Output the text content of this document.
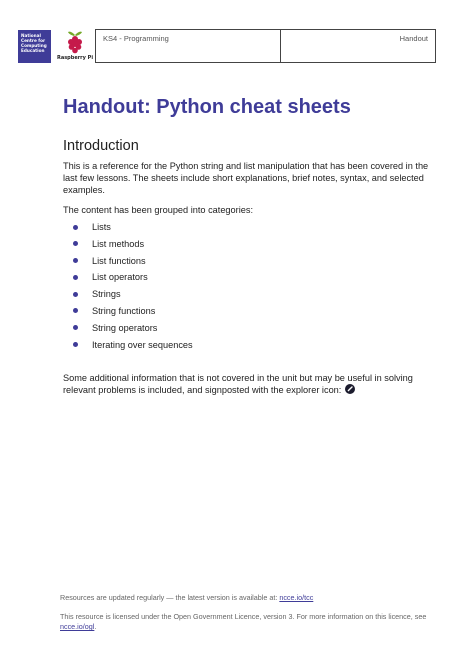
National
Centre for
Computing
Education
Raspberry Pi
KS4 - Programming	Handout
Handout: Python cheat sheets
Introduction

This is a reference for the Python string and list manipulation that has been covered in the last few lessons. The sheets include short explanations, brief notes, syntax, and selected examples.

The content has been grouped into categories:

Lists
List methods
List functions
List operators
Strings
String functions
String operators
Iterating over sequences

Some additional information that is not covered in the unit but may be useful in solving relevant problems is included, and signposted with the explorer icon:

Resources are updated regularly — the latest version is available at: ncce.io/tcc

This resource is licensed under the Open Government Licence, version 3. For more information on this licence, see ncce.io/ogl.
